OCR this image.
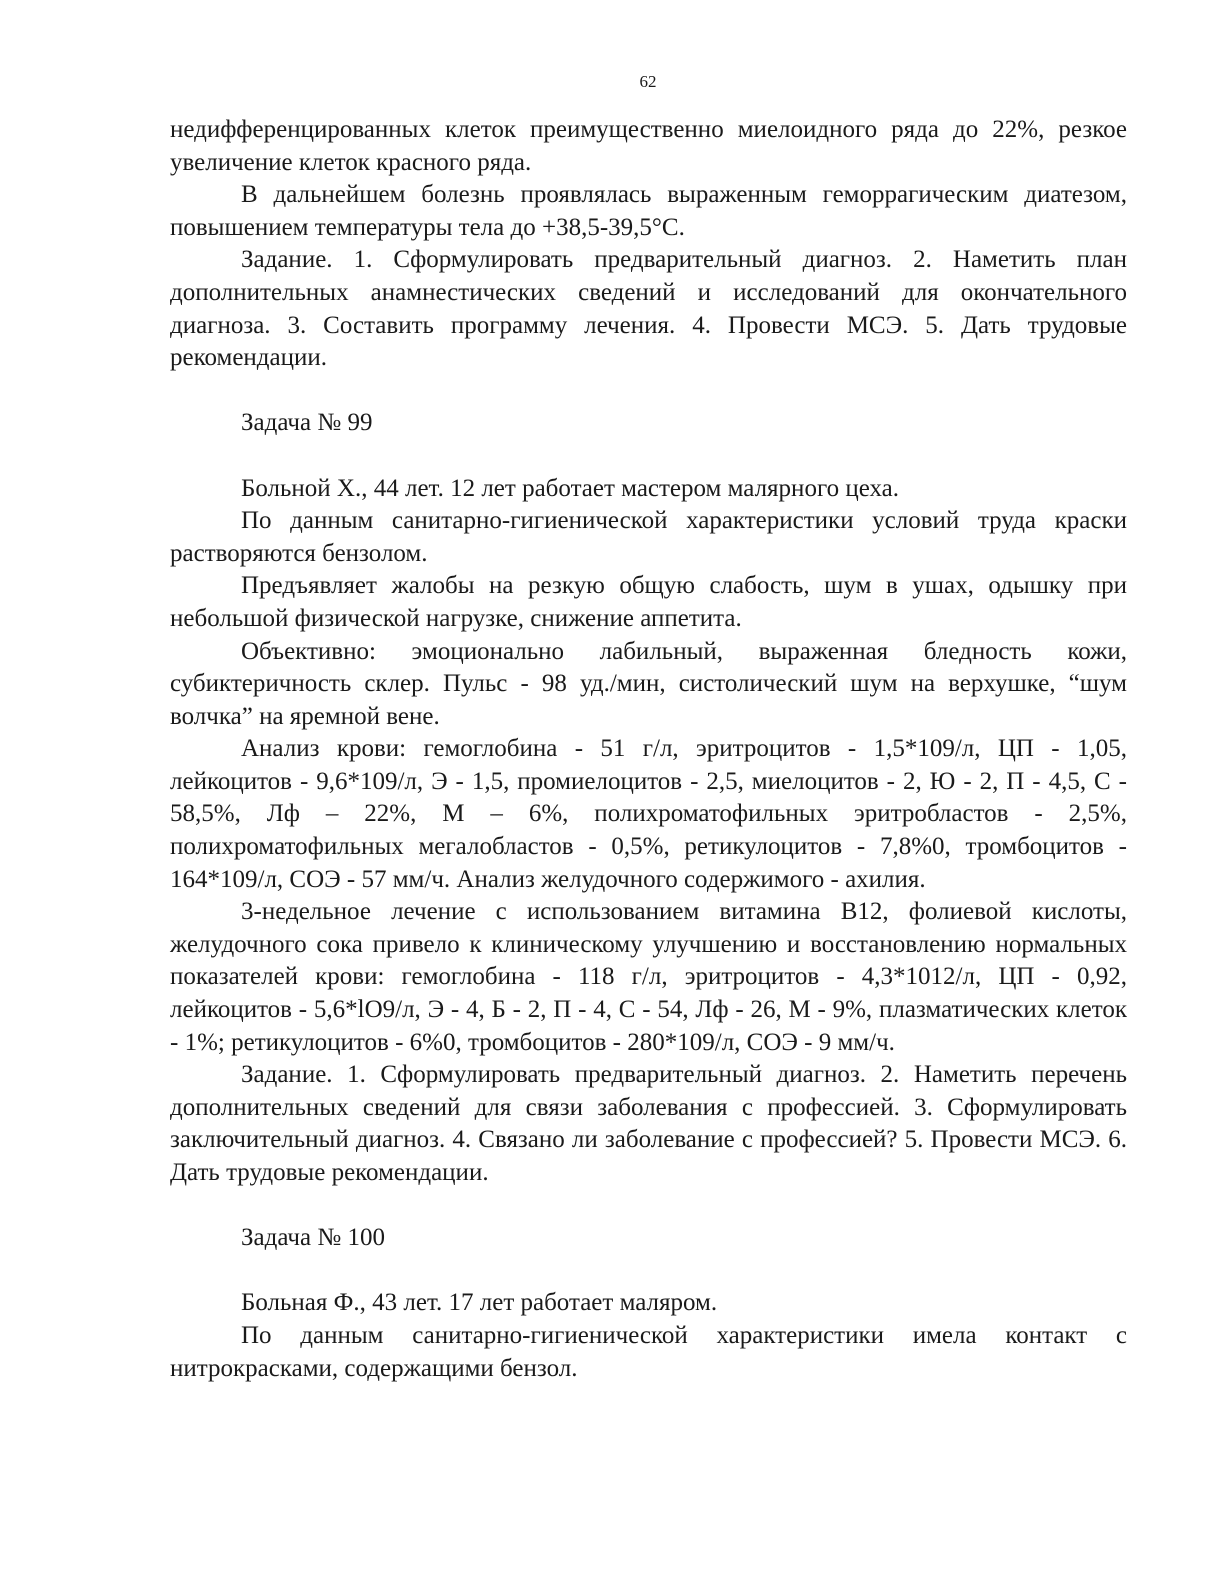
62

недифференцированных клеток преимущественно миелоидного ряда до 22%, резкое увеличение клеток красного ряда.

В дальнейшем болезнь проявлялась выраженным геморрагическим диатезом, повышением температуры тела до +38,5-39,5°С.

Задание. 1. Сформулировать предварительный диагноз. 2. Наметить план дополнительных анамнестических сведений и исследований для окончательного диагноза. 3. Составить программу лечения. 4. Провести МСЭ. 5. Дать трудовые рекомендации.

Задача № 99

Больной X., 44 лет. 12 лет работает мастером малярного цеха.

По данным санитарно-гигиенической характеристики условий труда краски растворяются бензолом.

Предъявляет жалобы на резкую общую слабость, шум в ушах, одышку при небольшой физической нагрузке, снижение аппетита.

Объективно: эмоционально лабильный, выраженная бледность кожи, субиктеричность склер. Пульс - 98 уд./мин, систолический шум на верхушке, “шум волчка” на яремной вене.

Анализ крови: гемоглобина - 51 г/л, эритроцитов - 1,5*109/л, ЦП - 1,05, лейкоцитов - 9,6*109/л, Э - 1,5, промиелоцитов - 2,5, миелоцитов - 2, Ю - 2, П - 4,5, С - 58,5%, Лф – 22%, М – 6%, полихроматофильных эритробластов - 2,5%, полихроматофильных мегалобластов - 0,5%, ретикулоцитов - 7,8%0, тромбоцитов - 164*109/л, СОЭ - 57 мм/ч. Анализ желудочного содержимого - ахилия.

3-недельное лечение с использованием витамина В12, фолиевой кислоты, желудочного сока привело к клиническому улучшению и восстановлению нормальных показателей крови: гемоглобина - 118 г/л, эритроцитов - 4,3*1012/л, ЦП - 0,92, лейкоцитов - 5,6*lO9/л, Э - 4, Б - 2, П - 4, С - 54, Лф - 26, М - 9%, плазматических клеток - 1%; ретикулоцитов - 6%0, тромбоцитов - 280*109/л, СОЭ - 9 мм/ч.

Задание. 1. Сформулировать предварительный диагноз. 2. Наметить перечень дополнительных сведений для связи заболевания с профессией. 3. Сформулировать заключительный диагноз. 4. Связано ли заболевание с профессией? 5. Провести МСЭ. 6. Дать трудовые рекомендации.

Задача № 100

Больная Ф., 43 лет. 17 лет работает маляром.

По данным санитарно-гигиенической характеристики имела контакт с нитрокрасками, содержащими бензол.
